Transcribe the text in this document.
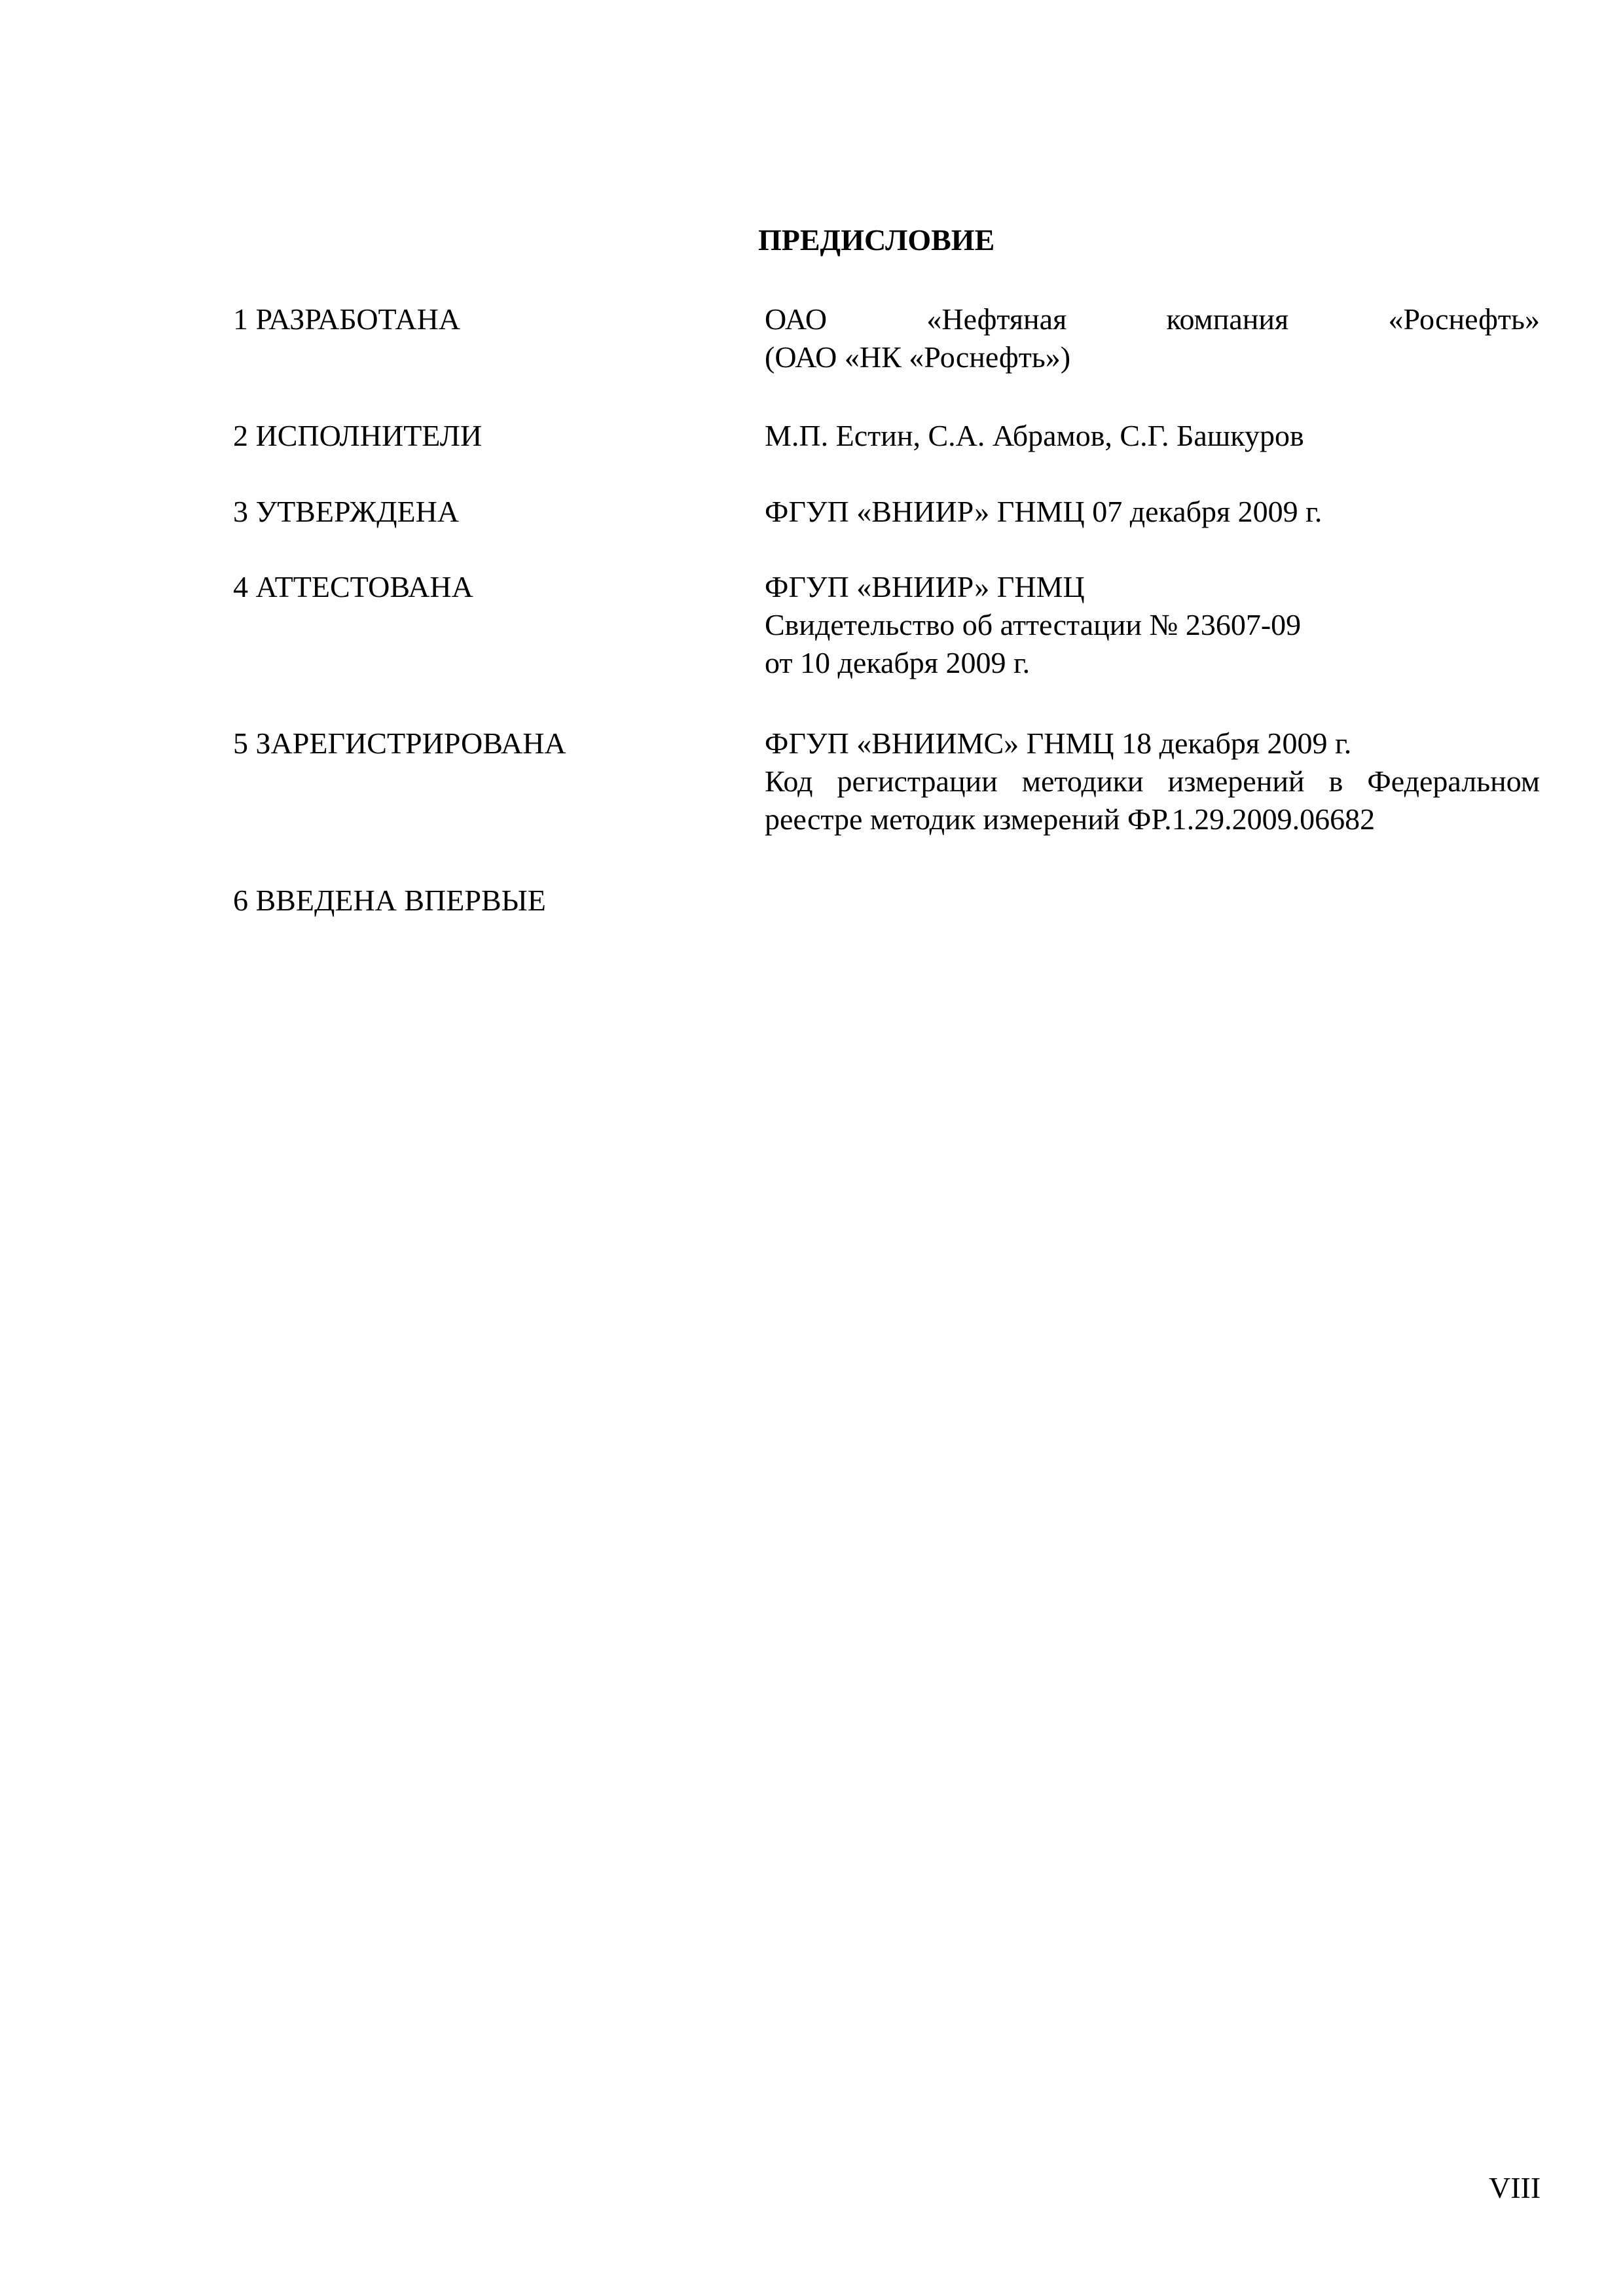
ПРЕДИСЛОВИЕ
1 РАЗРАБОТАНА	ОАО «Нефтяная компания «Роснефть»
(ОАО «НК «Роснефть»)
2 ИСПОЛНИТЕЛИ	М.П. Естин, С.А. Абрамов, С.Г. Башкуров
3 УТВЕРЖДЕНА	ФГУП «ВНИИР» ГНМЦ 07 декабря 2009 г.
4 АТТЕСТОВАНА	ФГУП «ВНИИР» ГНМЦ
Свидетельство об аттестации № 23607-09
от 10 декабря 2009 г.
5 ЗАРЕГИСТРИРОВАНА	ФГУП «ВНИИМС» ГНМЦ 18 декабря 2009 г.
Код регистрации методики измерений в Федеральном
реестре методик измерений ФР.1.29.2009.06682
6 ВВЕДЕНА ВПЕРВЫЕ
VIII
